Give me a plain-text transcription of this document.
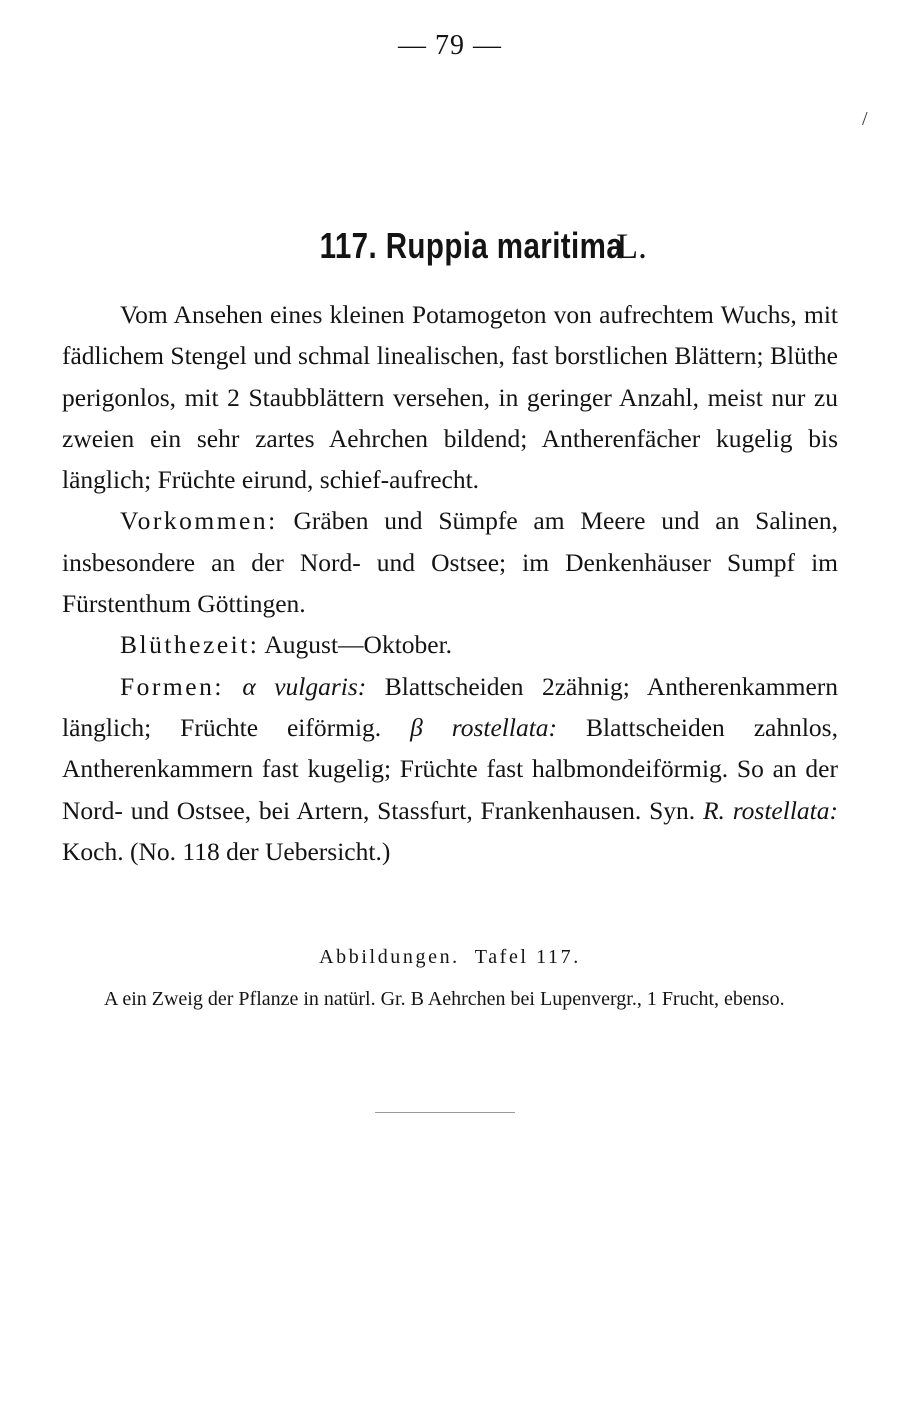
— 79 —
/
117. Ruppia maritima L.

Vom Ansehen eines kleinen Potamogeton von aufrechtem Wuchs, mit fädlichem Stengel und schmal linealischen, fast borstlichen Blättern; Blüthe perigonlos, mit 2 Staubblättern versehen, in geringer Anzahl, meist nur zu zweien ein sehr zartes Aehrchen bildend; Antherenfächer kugelig bis länglich; Früchte eirund, schief-aufrecht.

Vorkommen: Gräben und Sümpfe am Meere und an Salinen, insbesondere an der Nord- und Ostsee; im Denkenhäuser Sumpf im Fürstenthum Göttingen.

Blüthezeit: August—Oktober.

Formen: α vulgaris: Blattscheiden 2zähnig; Antherenkammern länglich; Früchte eiförmig. β rostellata: Blattscheiden zahnlos, Antherenkammern fast kugelig; Früchte fast halbmondeiförmig. So an der Nord- und Ostsee, bei Artern, Stassfurt, Frankenhausen. Syn. R. rostellata: Koch. (No. 118 der Uebersicht.)

Abbildungen. Tafel 117.

A ein Zweig der Pflanze in natürl. Gr. B Aehrchen bei Lupenvergr., 1 Frucht, ebenso.
